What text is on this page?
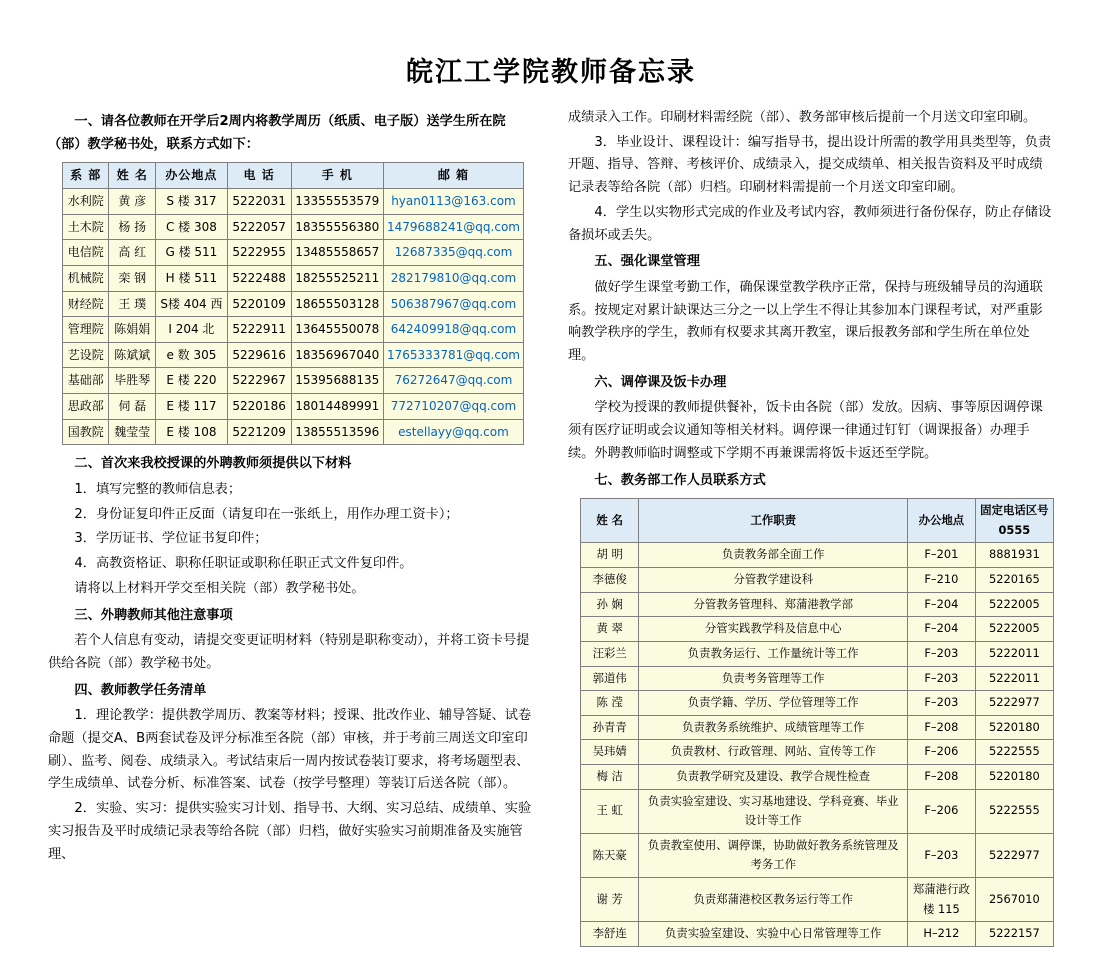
皖江工学院教师备忘录

一、请各位教师在开学后2周内将教学周历（纸质、电子版）送学生所在院（部）教学秘书处，联系方式如下：

系 部	姓 名	办公地点	电 话	手 机	邮 箱
水利院	黄 彦	S 楼 317	5222031	13355553579	hyan0113@163.com
土木院	杨 扬	C 楼 308	5222057	18355556380	1479688241@qq.com
电信院	高 红	G 楼 511	5222955	13485558657	12687335@qq.com
机械院	栾 钢	H 楼 511	5222488	18255525211	282179810@qq.com
财经院	王 璞	S楼 404 西	5220109	18655503128	506387967@qq.com
管理院	陈娟娟	I 204 北	5222911	13645550078	642409918@qq.com
艺设院	陈斌斌	e 数 305	5229616	18356967040	1765333781@qq.com
基础部	毕胜琴	E 楼 220	5222967	15395688135	76272647@qq.com
思政部	伺 磊	E 楼 117	5220186	18014489991	772710207@qq.com
国教院	魏莹莹	E 楼 108	5221209	13855513596	estellayy@qq.com

二、首次来我校授课的外聘教师须提供以下材料

1．填写完整的教师信息表；

2．身份证复印件正反面（请复印在一张纸上，用作办理工资卡）；

3．学历证书、学位证书复印件；

4．高教资格证、职称任职证或职称任职正式文件复印件。

请将以上材料开学交至相关院（部）教学秘书处。

三、外聘教师其他注意事项

若个人信息有变动，请提交变更证明材料（特别是职称变动），并将工资卡号提供给各院（部）教学秘书处。

四、教师教学任务清单

1．理论教学：提供教学周历、教案等材料；授课、批改作业、辅导答疑、试卷命题（提交A、B两套试卷及评分标准至各院（部）审核，并于考前三周送文印室印刷）、监考、阅卷、成绩录入。考试结束后一周内按试卷装订要求，将考场题型表、学生成绩单、试卷分析、标准答案、试卷（按学号整理）等装订后送各院（部）。

2．实验、实习：提供实验实习计划、指导书、大纲、实习总结、成绩单、实验实习报告及平时成绩记录表等给各院（部）归档，做好实验实习前期准备及实施管理、

成绩录入工作。印刷材料需经院（部）、教务部审核后提前一个月送文印室印刷。

3．毕业设计、课程设计：编写指导书，提出设计所需的教学用具类型等，负责开题、指导、答辩、考核评价、成绩录入，提交成绩单、相关报告资料及平时成绩记录表等给各院（部）归档。印刷材料需提前一个月送文印室印刷。

4．学生以实物形式完成的作业及考试内容，教师须进行备份保存，防止存储设备损坏或丢失。

五、强化课堂管理

做好学生课堂考勤工作，确保课堂教学秩序正常，保持与班级辅导员的沟通联系。按规定对累计缺课达三分之一以上学生不得让其参加本门课程考试，对严重影响教学秩序的学生，教师有权要求其离开教室，课后报教务部和学生所在单位处理。

六、调停课及饭卡办理

学校为授课的教师提供餐补，饭卡由各院（部）发放。因病、事等原因调停课须有医疗证明或会议通知等相关材料。调停课一律通过钉钉（调课报备）办理手续。外聘教师临时调整或下学期不再兼课需将饭卡返还至学院。

七、教务部工作人员联系方式

姓 名	工作职责	办公地点	固定电话区号 0555
胡 明	负责教务部全面工作	F–201	8881931
李德俊	分管教学建设科	F–210	5220165
孙 娴	分管教务管理科、郑蒲港教学部	F–204	5222005
黄 翠	分管实践教学科及信息中心	F–204	5222005
汪彩兰	负责教务运行、工作量统计等工作	F–203	5222011
郭道伟	负责考务管理等工作	F–203	5222011
陈 滢	负责学籍、学历、学位管理等工作	F–203	5222977
孙青青	负责教务系统维护、成绩管理等工作	F–208	5220180
吴玮婧	负责教材、行政管理、网站、宣传等工作	F–206	5222555
梅 洁	负责教学研究及建设、教学合规性检查	F–208	5220180
王 虹	负责实验室建设、实习基地建设、学科竞赛、毕业设计等工作	F–206	5222555
陈天豪	负责教室使用、调停课，协助做好教务系统管理及考务工作	F–203	5222977
谢 芳	负责郑蒲港校区教务运行等工作	郑蒲港行政楼 115	2567010
李舒连	负责实验室建设、实验中心日常管理等工作	H–212	5222157
